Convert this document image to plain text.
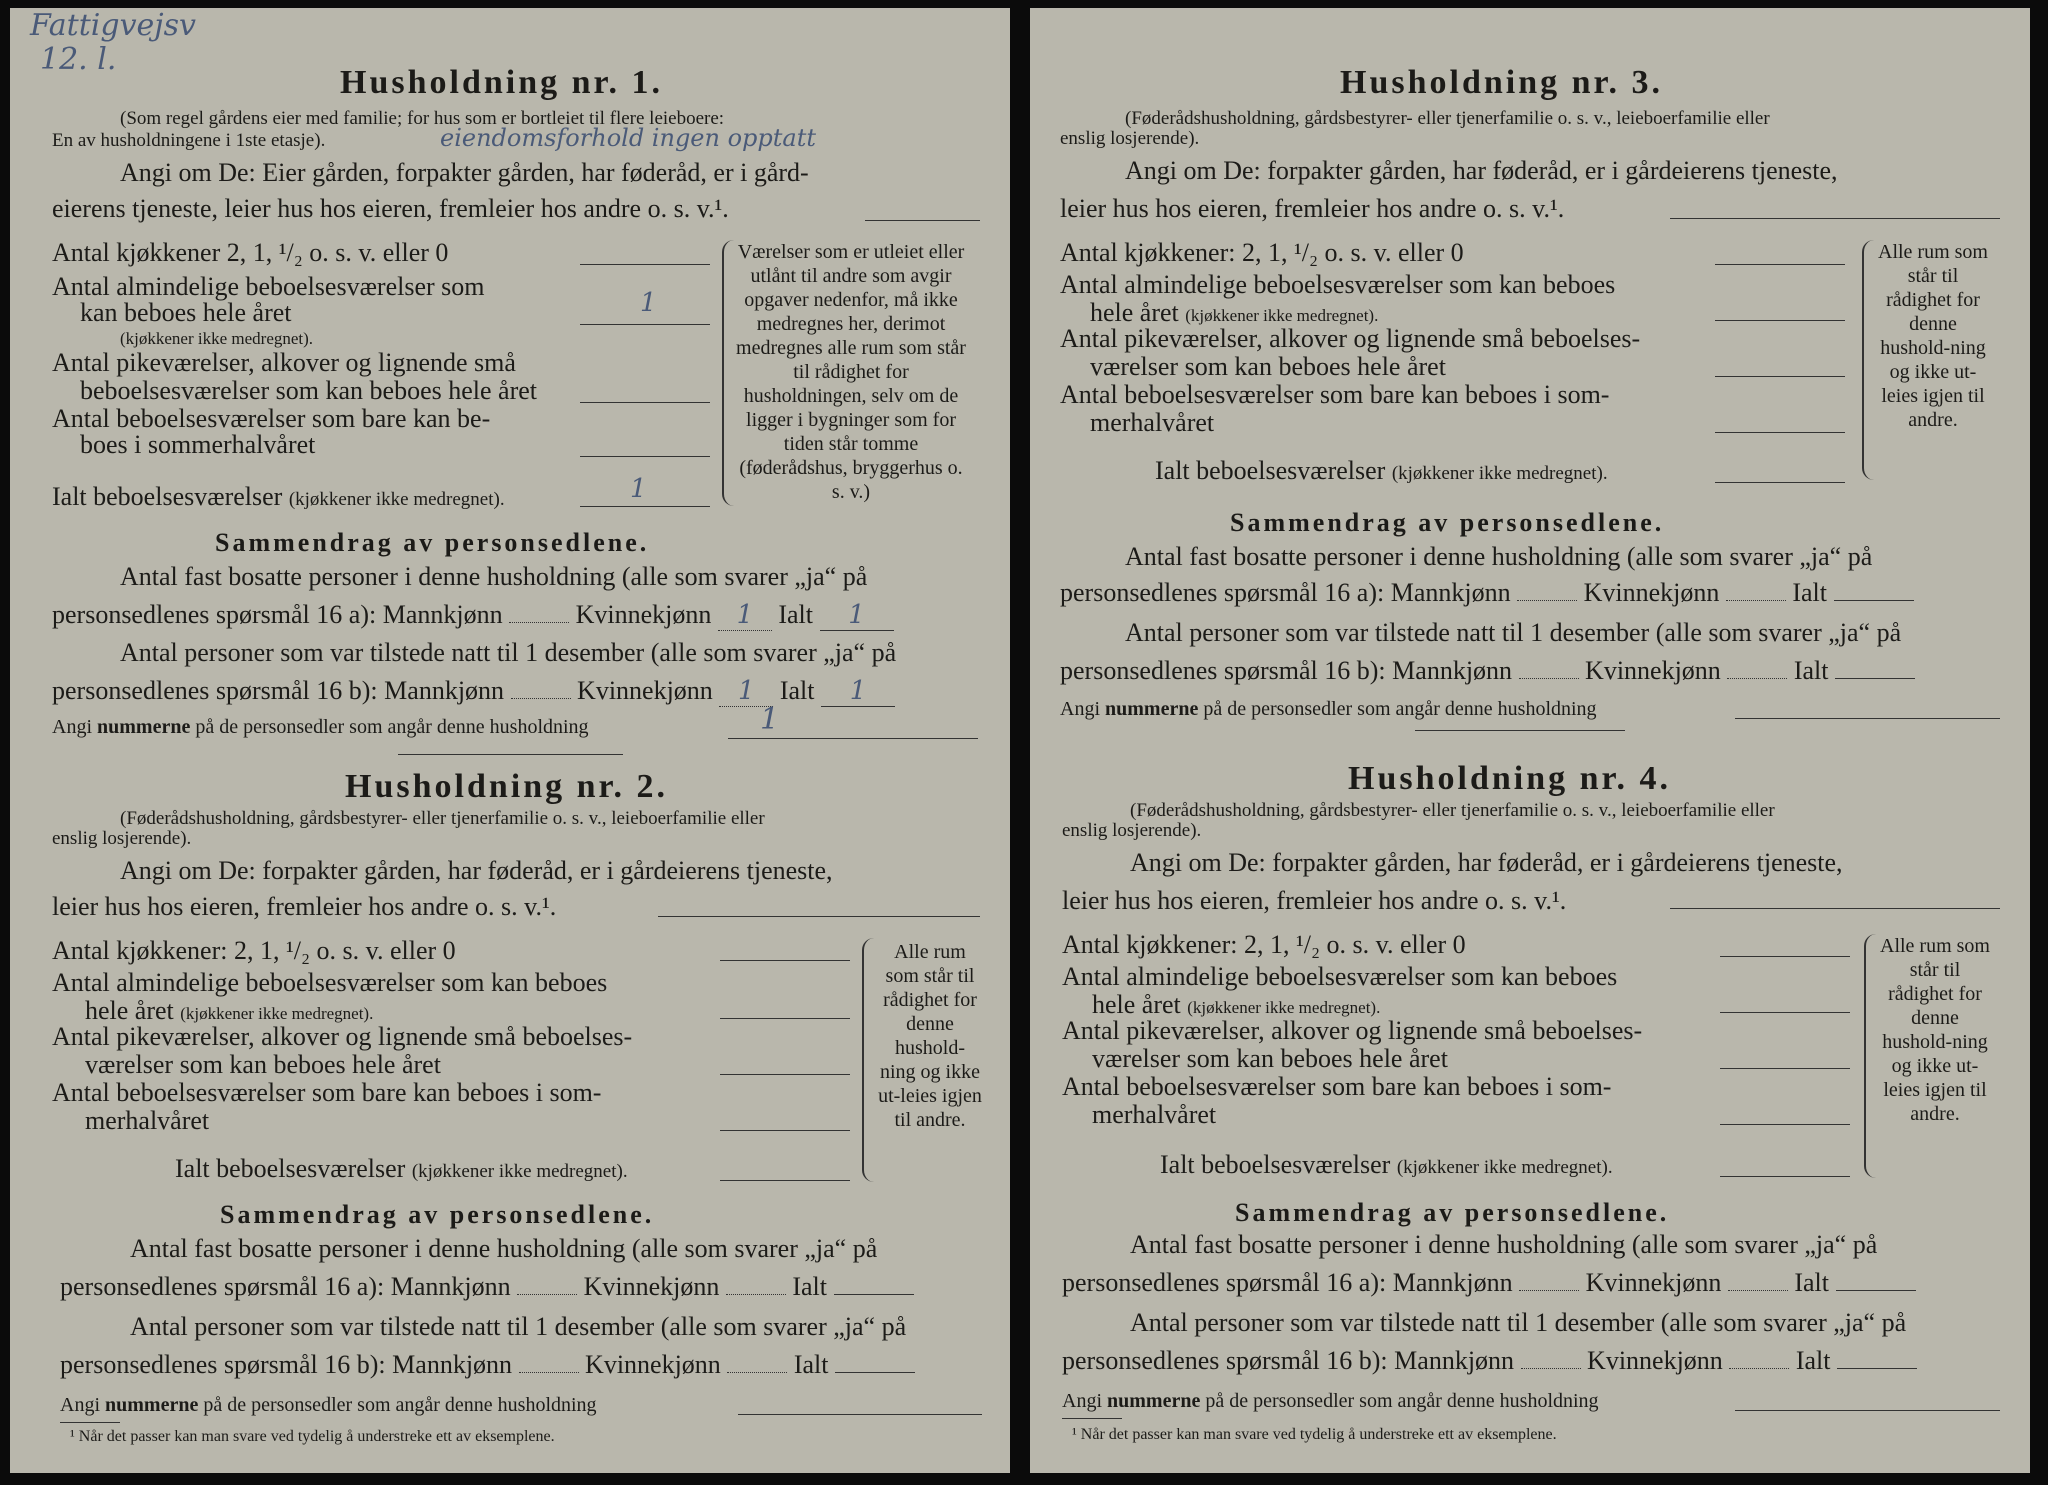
Fattigvejsv
12. l.
Husholdning nr. 1.
(Som regel gårdens eier med familie; for hus som er bortleiet til flere leieboere:
En av husholdningene i 1ste etasje).	eiendomsforhold ingen opptatt
Angi om De: Eier gården, forpakter gården, har føderåd, er i gård-
eierens tjeneste, leier hus hos eieren, fremleier hos andre o. s. v.¹.
Antal kjøkkener 2, 1, ¹/₂ o. s. v. eller 0
Antal almindelige beboelsesværelser som
kan beboes hele året	1
(kjøkkener ikke medregnet).
Antal pikeværelser, alkover og lignende små
beboelsesværelser som kan beboes hele året
Antal beboelsesværelser som bare kan be-
boes i sommerhalvåret
Ialt beboelsesværelser (kjøkkener ikke medregnet).	1
Værelser som er utleiet eller utlånt til andre som avgir opgaver nedenfor, må ikke medregnes her, derimot medregnes alle rum som står til rådighet for husholdningen, selv om de ligger i bygninger som for tiden står tomme (føderådshus, bryggerhus o. s. v.)
Sammendrag av personsedlene.
Antal fast bosatte personer i denne husholdning (alle som svarer „ja“ på
personsedlenes spørsmål 16 a): Mannkjønn	Kvinnekjønn 1 Ialt 1
Antal personer som var tilstede natt til 1 desember (alle som svarer „ja“ på
personsedlenes spørsmål 16 b): Mannkjønn	Kvinnekjønn 1 Ialt 1
Angi nummerne på de personsedler som angår denne husholdning	1
Husholdning nr. 2.
(Føderådshusholdning, gårdsbestyrer- eller tjenerfamilie o. s. v., leieboerfamilie eller
enslig losjerende).
Angi om De: forpakter gården, har føderåd, er i gårdeierens tjeneste,
leier hus hos eieren, fremleier hos andre o. s. v.¹.
Antal kjøkkener: 2, 1, ¹/₂ o. s. v. eller 0
Antal almindelige beboelsesværelser som kan beboes
hele året (kjøkkener ikke medregnet).
Antal pikeværelser, alkover og lignende små beboelses-
værelser som kan beboes hele året
Antal beboelsesværelser som bare kan beboes i som-
merhalvåret
Ialt beboelsesværelser (kjøkkener ikke medregnet).
Alle rum som står til rådighet for denne hushold-ning og ikke ut-leies igjen til andre.
Sammendrag av personsedlene.
Antal fast bosatte personer i denne husholdning (alle som svarer „ja“ på
personsedlenes spørsmål 16 a): Mannkjønn	Kvinnekjønn	Ialt
Antal personer som var tilstede natt til 1 desember (alle som svarer „ja“ på
personsedlenes spørsmål 16 b): Mannkjønn	Kvinnekjønn	Ialt
Angi nummerne på de personsedler som angår denne husholdning
¹ Når det passer kan man svare ved tydelig å understreke ett av eksemplene.
Husholdning nr. 3.
(Føderådshusholdning, gårdsbestyrer- eller tjenerfamilie o. s. v., leieboerfamilie eller
enslig losjerende).
Angi om De: forpakter gården, har føderåd, er i gårdeierens tjeneste,
leier hus hos eieren, fremleier hos andre o. s. v.¹.
Antal kjøkkener: 2, 1, ¹/₂ o. s. v. eller 0
Antal almindelige beboelsesværelser som kan beboes
hele året (kjøkkener ikke medregnet).
Antal pikeværelser, alkover og lignende små beboelses-
værelser som kan beboes hele året
Antal beboelsesværelser som bare kan beboes i som-
merhalvåret
Ialt beboelsesværelser (kjøkkener ikke medregnet).
Alle rum som står til rådighet for denne hushold-ning og ikke ut-leies igjen til andre.
Sammendrag av personsedlene.
Antal fast bosatte personer i denne husholdning (alle som svarer „ja“ på
personsedlenes spørsmål 16 a): Mannkjønn	Kvinnekjønn	Ialt
Antal personer som var tilstede natt til 1 desember (alle som svarer „ja“ på
personsedlenes spørsmål 16 b): Mannkjønn	Kvinnekjønn	Ialt
Angi nummerne på de personsedler som angår denne husholdning
Husholdning nr. 4.
(Føderådshusholdning, gårdsbestyrer- eller tjenerfamilie o. s. v., leieboerfamilie eller
enslig losjerende).
Angi om De: forpakter gården, har føderåd, er i gårdeierens tjeneste,
leier hus hos eieren, fremleier hos andre o. s. v.¹.
Antal kjøkkener: 2, 1, ¹/₂ o. s. v. eller 0
Antal almindelige beboelsesværelser som kan beboes
hele året (kjøkkener ikke medregnet).
Antal pikeværelser, alkover og lignende små beboelses-
værelser som kan beboes hele året
Antal beboelsesværelser som bare kan beboes i som-
merhalvåret
Ialt beboelsesværelser (kjøkkener ikke medregnet).
Alle rum som står til rådighet for denne hushold-ning og ikke ut-leies igjen til andre.
Sammendrag av personsedlene.
Antal fast bosatte personer i denne husholdning (alle som svarer „ja“ på
personsedlenes spørsmål 16 a): Mannkjønn	Kvinnekjønn	Ialt
Antal personer som var tilstede natt til 1 desember (alle som svarer „ja“ på
personsedlenes spørsmål 16 b): Mannkjønn	Kvinnekjønn	Ialt
Angi nummerne på de personsedler som angår denne husholdning
¹ Når det passer kan man svare ved tydelig å understreke ett av eksemplene.
